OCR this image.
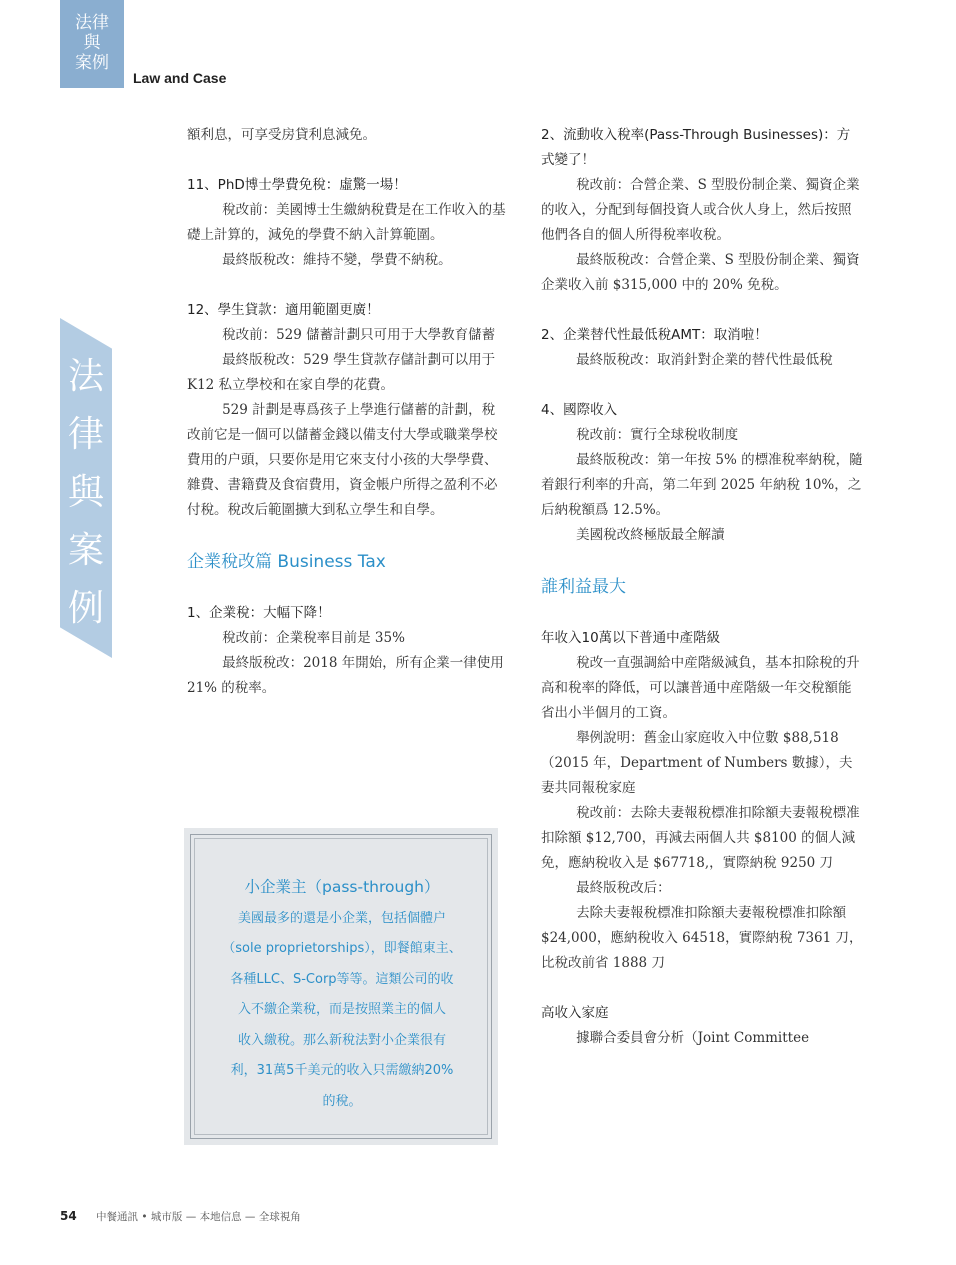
法律
與
案例
Law and Case
法
律
與
案
例

額利息，可享受房貸利息減免。

11、PhD博士學費免稅：虛驚一場！

稅改前：美國博士生繳納稅費是在工作收入的基礎上計算的，減免的學費不納入計算範圍。

最終版稅改：維持不變，學費不納稅。

12、學生貸款：適用範圍更廣！

稅改前：529 儲蓄計劃只可用于大學教育儲蓄

最終版稅改：529 學生貸款存儲計劃可以用于 K12 私立學校和在家自學的花費。

529 計劃是專爲孩子上學進行儲蓄的計劃，稅改前它是一個可以儲蓄金錢以備支付大學或職業學校費用的户頭，只要你是用它來支付小孩的大學學費、雜費、書籍費及食宿費用，資金帳户所得之盈利不必付稅。稅改后範圍擴大到私立學生和自學。

企業稅改篇 Business Tax

1、企業稅：大幅下降！

稅改前：企業稅率目前是 35%

最終版稅改：2018 年開始，所有企業一律使用 21% 的稅率。

2、流動收入稅率(Pass-Through Businesses)：方式變了！

稅改前：合營企業、S 型股份制企業、獨資企業的收入，分配到每個投資人或合伙人身上，然后按照他們各自的個人所得稅率收稅。

最終版稅改：合營企業、S 型股份制企業、獨資企業收入前 $315,000 中的 20% 免稅。

2、企業替代性最低稅AMT：取消啦！

最終版稅改：取消針對企業的替代性最低稅

4、國際收入

稅改前：實行全球稅收制度

最終版稅改：第一年按 5% 的標准稅率納稅，隨着銀行利率的升高，第二年到 2025 年納稅 10%，之后納稅額爲 12.5%。

美國稅改終極版最全解讀

誰利益最大

年收入10萬以下普通中產階級

稅改一直强調給中産階級減負，基本扣除稅的升高和稅率的降低，可以讓普通中産階級一年交稅額能省出小半個月的工資。

舉例說明：舊金山家庭收入中位數 $88,518（2015 年，Department of Numbers 數據），夫妻共同報稅家庭

稅改前：去除夫妻報稅標准扣除額夫妻報稅標准扣除額 $12,700，再減去兩個人共 $8100 的個人減免，應納稅收入是 $67718,，實際納稅 9250 刀

最終版稅改后：

去除夫妻報稅標准扣除額夫妻報稅標准扣除額 $24,000，應納稅收入 64518，實際納稅 7361 刀，比稅改前省 1888 刀

高收入家庭

據聯合委員會分析（Joint Committee

小企業主（pass-through）
美國最多的還是小企業，包括個體户
（sole proprietorships），即餐館東主、
各種LLC、S-Corp等等。這類公司的收
入不繳企業稅，而是按照業主的個人
收入繳稅。那么新稅法對小企業很有
利，31萬5千美元的收入只需繳納20%
的稅。
54 中餐通訊 • 城市版 — 本地信息 — 全球視角
